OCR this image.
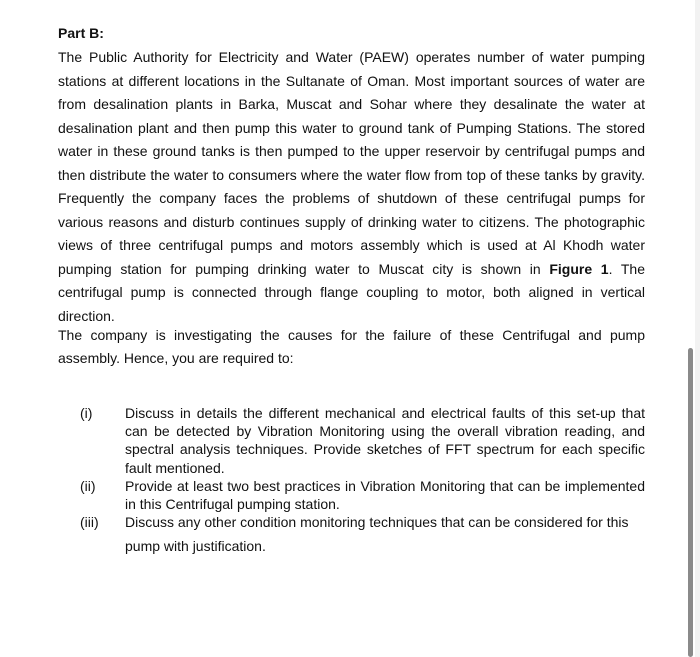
Part B:
The Public Authority for Electricity and Water (PAEW) operates number of water pumping stations at different locations in the Sultanate of Oman. Most important sources of water are from desalination plants in Barka, Muscat and Sohar where they desalinate the water at desalination plant and then pump this water to ground tank of Pumping Stations. The stored water in these ground tanks is then pumped to the upper reservoir by centrifugal pumps and then distribute the water to consumers where the water flow from top of these tanks by gravity. Frequently the company faces the problems of shutdown of these centrifugal pumps for various reasons and disturb continues supply of drinking water to citizens. The photographic views of three centrifugal pumps and motors assembly which is used at Al Khodh water pumping station for pumping drinking water to Muscat city is shown in Figure 1. The centrifugal pump is connected through flange coupling to motor, both aligned in vertical direction.
The company is investigating the causes for the failure of these Centrifugal and pump assembly. Hence, you are required to:
(i) Discuss in details the different mechanical and electrical faults of this set-up that can be detected by Vibration Monitoring using the overall vibration reading, and spectral analysis techniques. Provide sketches of FFT spectrum for each specific fault mentioned.
(ii) Provide at least two best practices in Vibration Monitoring that can be implemented in this Centrifugal pumping station.
(iii) Discuss any other condition monitoring techniques that can be considered for this
pump with justification.
